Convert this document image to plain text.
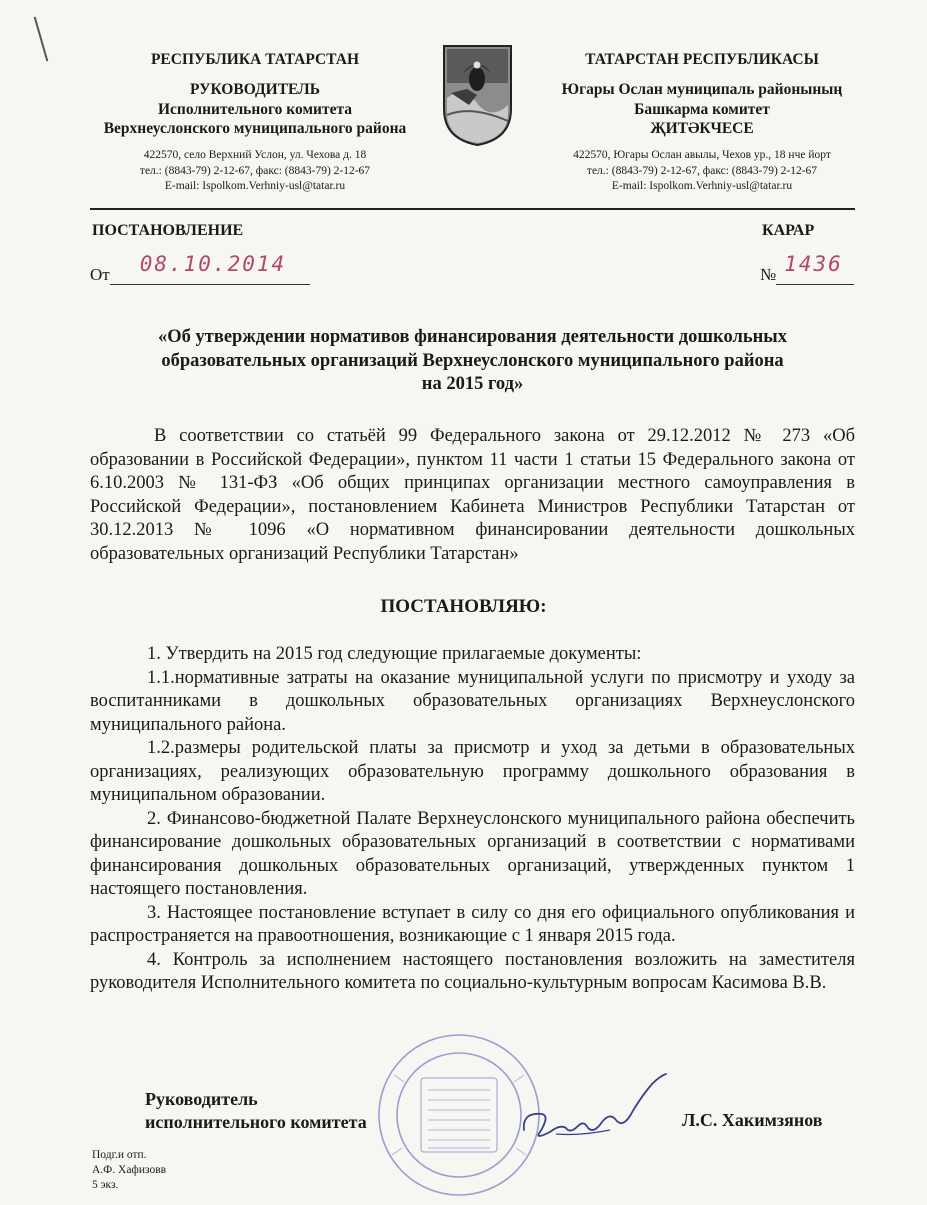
РЕСПУБЛИКА ТАТАРСТАН
РУКОВОДИТЕЛЬ
Исполнительного комитета
Верхнеуслонского муниципального района
422570, село Верхний Услон, ул. Чехова д. 18
тел.: (8843-79) 2-12-67, факс: (8843-79) 2-12-67
E-mail: Ispolkom.Verhniy-usl@tatar.ru
ТАТАРСТАН РЕСПУБЛИКАСЫ
Югары Ослан муниципаль районының
Башкарма комитет
ҖИТӘКЧЕСЕ
422570, Югары Ослан авылы, Чехов ур., 18 нче йорт
тел.: (8843-79) 2-12-67, факс: (8843-79) 2-12-67
E-mail: Ispolkom.Verhniy-usl@tatar.ru
ПОСТАНОВЛЕНИЕ	КАРАР
От 08.10.2014	№ 1436
«Об утверждении нормативов финансирования деятельности дошкольных
образовательных организаций Верхнеуслонского муниципального района
на 2015 год»

В соответствии со статьёй 99 Федерального закона от 29.12.2012 № 273 «Об образовании в Российской Федерации», пунктом 11 части 1 статьи 15 Федерального закона от 6.10.2003 № 131-ФЗ «Об общих принципах организации местного самоуправления в Российской Федерации», постановлением Кабинета Министров Республики Татарстан от 30.12.2013 № 1096 «О нормативном финансировании деятельности дошкольных образовательных организаций Республики Татарстан»

ПОСТАНОВЛЯЮ:

1. Утвердить на 2015 год следующие прилагаемые документы:

1.1.нормативные затраты на оказание муниципальной услуги по присмотру и уходу за воспитанниками в дошкольных образовательных организациях Верхнеуслонского муниципального района.

1.2.размеры родительской платы за присмотр и уход за детьми в образовательных организациях, реализующих образовательную программу дошкольного образования в муниципальном образовании.

2. Финансово-бюджетной Палате Верхнеуслонского муниципального района обеспечить финансирование дошкольных образовательных организаций в соответствии с нормативами финансирования дошкольных образовательных организаций, утвержденных пунктом 1 настоящего постановления.

3. Настоящее постановление вступает в силу со дня его официального опубликования и распространяется на правоотношения, возникающие с 1 января 2015 года.

4. Контроль за исполнением настоящего постановления возложить на заместителя руководителя Исполнительного комитета по социально-культурным вопросам Касимова В.В.

Руководитель
исполнительного комитета	Л.С. Хакимзянов
Подг.и отп.
А.Ф. Хафизовв
5 экз.
